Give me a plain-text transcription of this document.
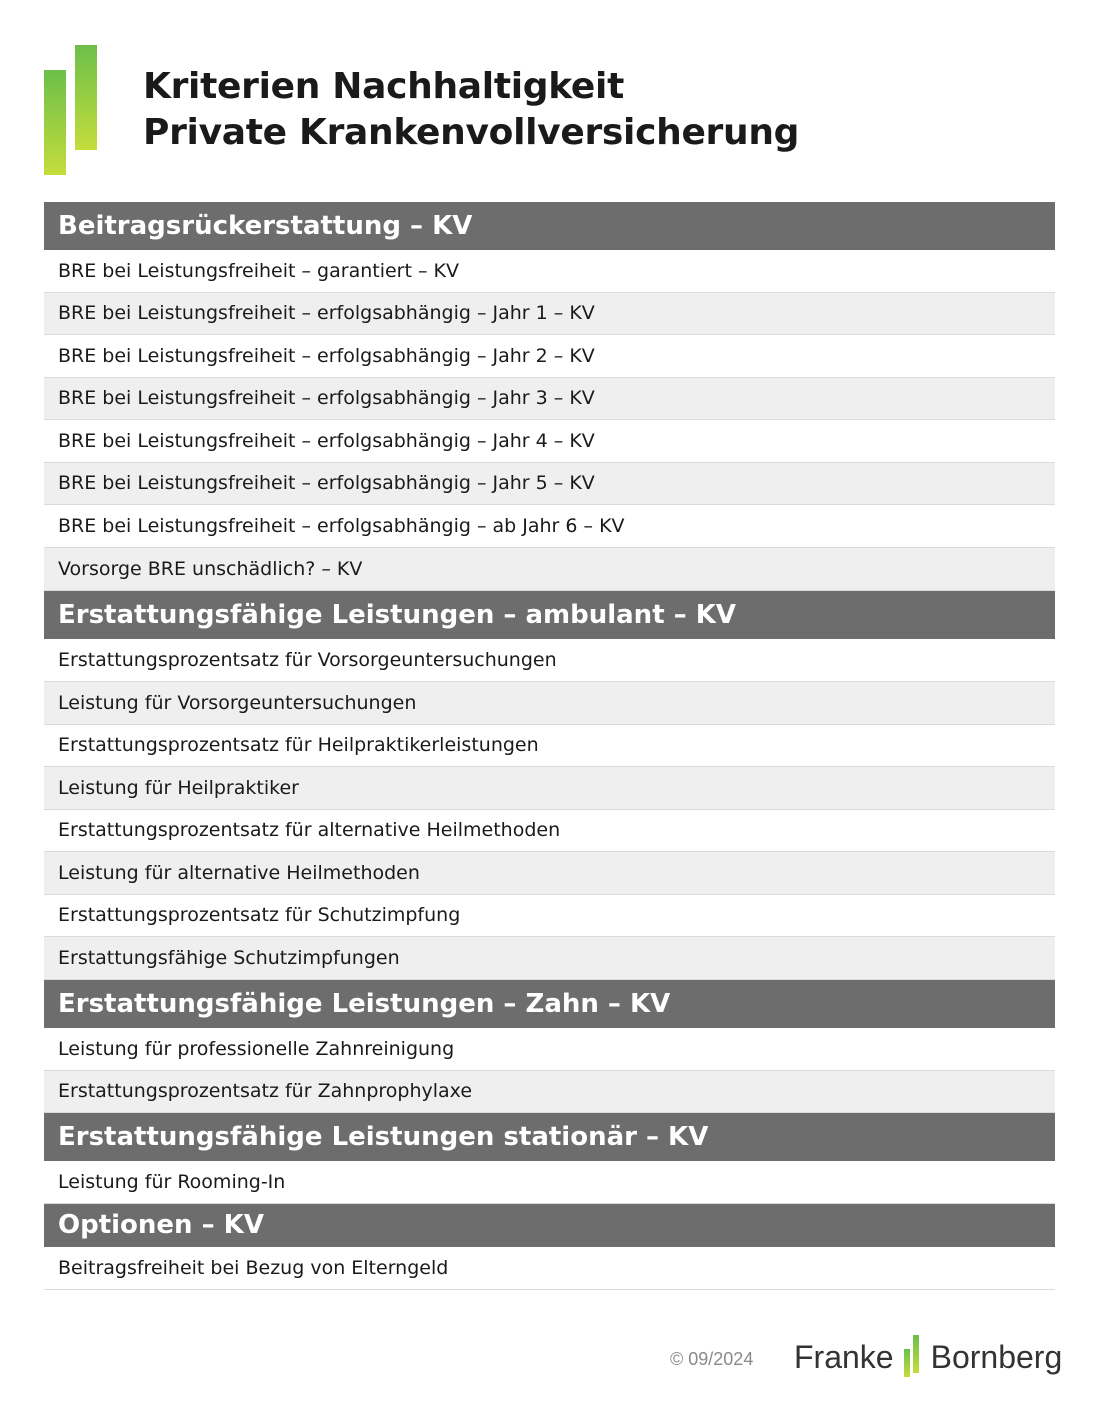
Kriterien Nachhaltigkeit
Private Krankenvollversicherung
Beitragsrückerstattung – KV
BRE bei Leistungsfreiheit – garantiert – KV
BRE bei Leistungsfreiheit – erfolgsabhängig – Jahr 1 – KV
BRE bei Leistungsfreiheit – erfolgsabhängig – Jahr 2 – KV
BRE bei Leistungsfreiheit – erfolgsabhängig – Jahr 3 – KV
BRE bei Leistungsfreiheit – erfolgsabhängig – Jahr 4 – KV
BRE bei Leistungsfreiheit – erfolgsabhängig – Jahr 5 – KV
BRE bei Leistungsfreiheit – erfolgsabhängig – ab Jahr 6 – KV
Vorsorge BRE unschädlich? – KV
Erstattungsfähige Leistungen – ambulant – KV
Erstattungsprozentsatz für Vorsorgeuntersuchungen
Leistung für Vorsorgeuntersuchungen
Erstattungsprozentsatz für Heilpraktikerleistungen
Leistung für Heilpraktiker
Erstattungsprozentsatz für alternative Heilmethoden
Leistung für alternative Heilmethoden
Erstattungsprozentsatz für Schutzimpfung
Erstattungsfähige Schutzimpfungen
Erstattungsfähige Leistungen – Zahn – KV
Leistung für professionelle Zahnreinigung
Erstattungsprozentsatz für Zahnprophylaxe
Erstattungsfähige Leistungen stationär – KV
Leistung für Rooming-In
Optionen – KV
Beitragsfreiheit bei Bezug von Elterngeld
© 09/2024 Franke Bornberg
